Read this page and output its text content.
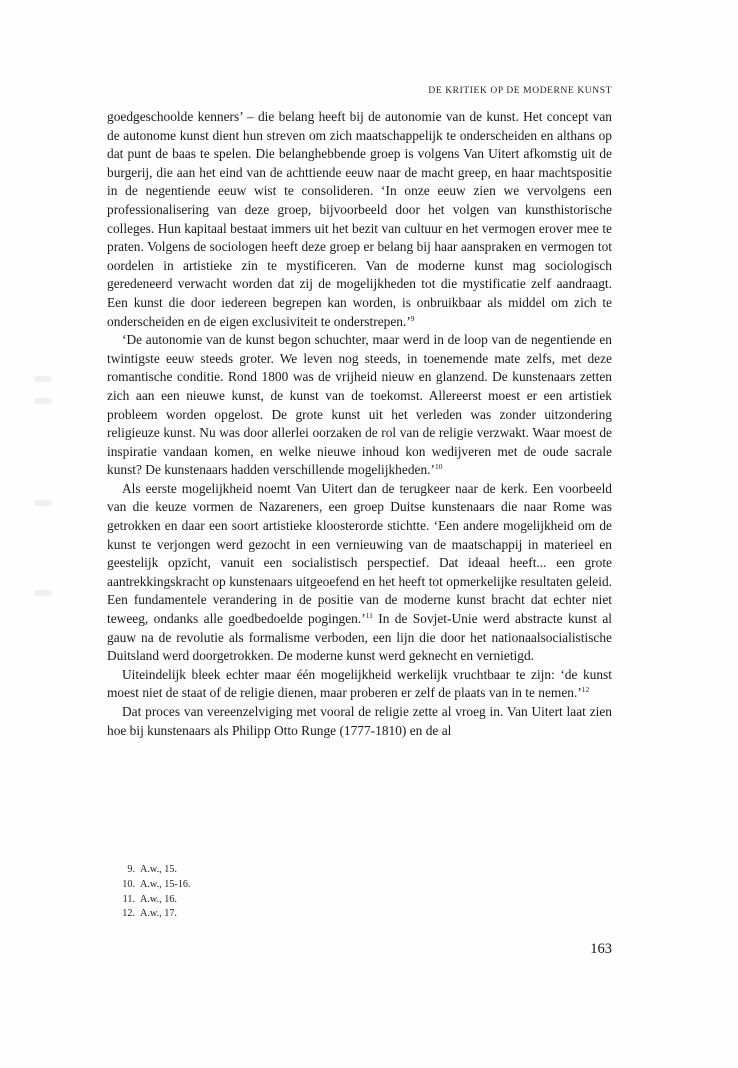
DE KRITIEK OP DE MODERNE KUNST

goedgeschoolde kenners’ – die belang heeft bij de autonomie van de kunst. Het concept van de autonome kunst dient hun streven om zich maatschappelijk te onderscheiden en althans op dat punt de baas te spelen. Die belanghebbende groep is volgens Van Uitert afkomstig uit de burgerij, die aan het eind van de achttiende eeuw naar de macht greep, en haar machtspositie in de negentiende eeuw wist te consolideren. ‘In onze eeuw zien we vervolgens een professionalisering van deze groep, bijvoorbeeld door het volgen van kunsthistorische colleges. Hun kapitaal bestaat immers uit het bezit van cultuur en het vermogen erover mee te praten. Volgens de sociologen heeft deze groep er belang bij haar aanspraken en vermogen tot oordelen in artistieke zin te mystificeren. Van de moderne kunst mag sociologisch geredeneerd verwacht worden dat zij de mogelijkheden tot die mystificatie zelf aandraagt. Een kunst die door iedereen begrepen kan worden, is onbruikbaar als middel om zich te onderscheiden en de eigen exclusiviteit te onderstrepen.’$^9$

‘De autonomie van de kunst begon schuchter, maar werd in de loop van de negentiende en twintigste eeuw steeds groter. We leven nog steeds, in toenemende mate zelfs, met deze romantische conditie. Rond 1800 was de vrijheid nieuw en glanzend. De kunstenaars zetten zich aan een nieuwe kunst, de kunst van de toekomst. Allereerst moest er een artistiek probleem worden opgelost. De grote kunst uit het verleden was zonder uitzondering religieuze kunst. Nu was door allerlei oorzaken de rol van de religie verzwakt. Waar moest de inspiratie vandaan komen, en welke nieuwe inhoud kon wedijveren met de oude sacrale kunst? De kunstenaars hadden verschillende mogelijkheden.’$^{10}$

Als eerste mogelijkheid noemt Van Uitert dan de terugkeer naar de kerk. Een voorbeeld van die keuze vormen de Nazareners, een groep Duitse kunstenaars die naar Rome was getrokken en daar een soort artistieke kloosterorde stichtte. ‘Een andere mogelijkheid om de kunst te verjongen werd gezocht in een vernieuwing van de maatschappij in materieel en geestelijk opzicht, vanuit een socialistisch perspectief. Dat ideaal heeft... een grote aantrekkingskracht op kunstenaars uitgeoefend en het heeft tot opmerkelijke resultaten geleid. Een fundamentele verandering in de positie van de moderne kunst bracht dat echter niet teweeg, ondanks alle goedbedoelde pogingen.’$^{11}$ In de Sovjet-Unie werd abstracte kunst al gauw na de revolutie als formalisme verboden, een lijn die door het nationaalsocialistische Duitsland werd doorgetrokken. De moderne kunst werd geknecht en vernietigd.

Uiteindelijk bleek echter maar één mogelijkheid werkelijk vruchtbaar te zijn: ‘de kunst moest niet de staat of de religie dienen, maar proberen er zelf de plaats van in te nemen.’$^{12}$

Dat proces van vereenzelviging met vooral de religie zette al vroeg in. Van Uitert laat zien hoe bij kunstenaars als Philipp Otto Runge (1777-1810) en de al

9. A.w., 15.
10. A.w., 15-16.
11. A.w., 16.
12. A.w., 17.
163
